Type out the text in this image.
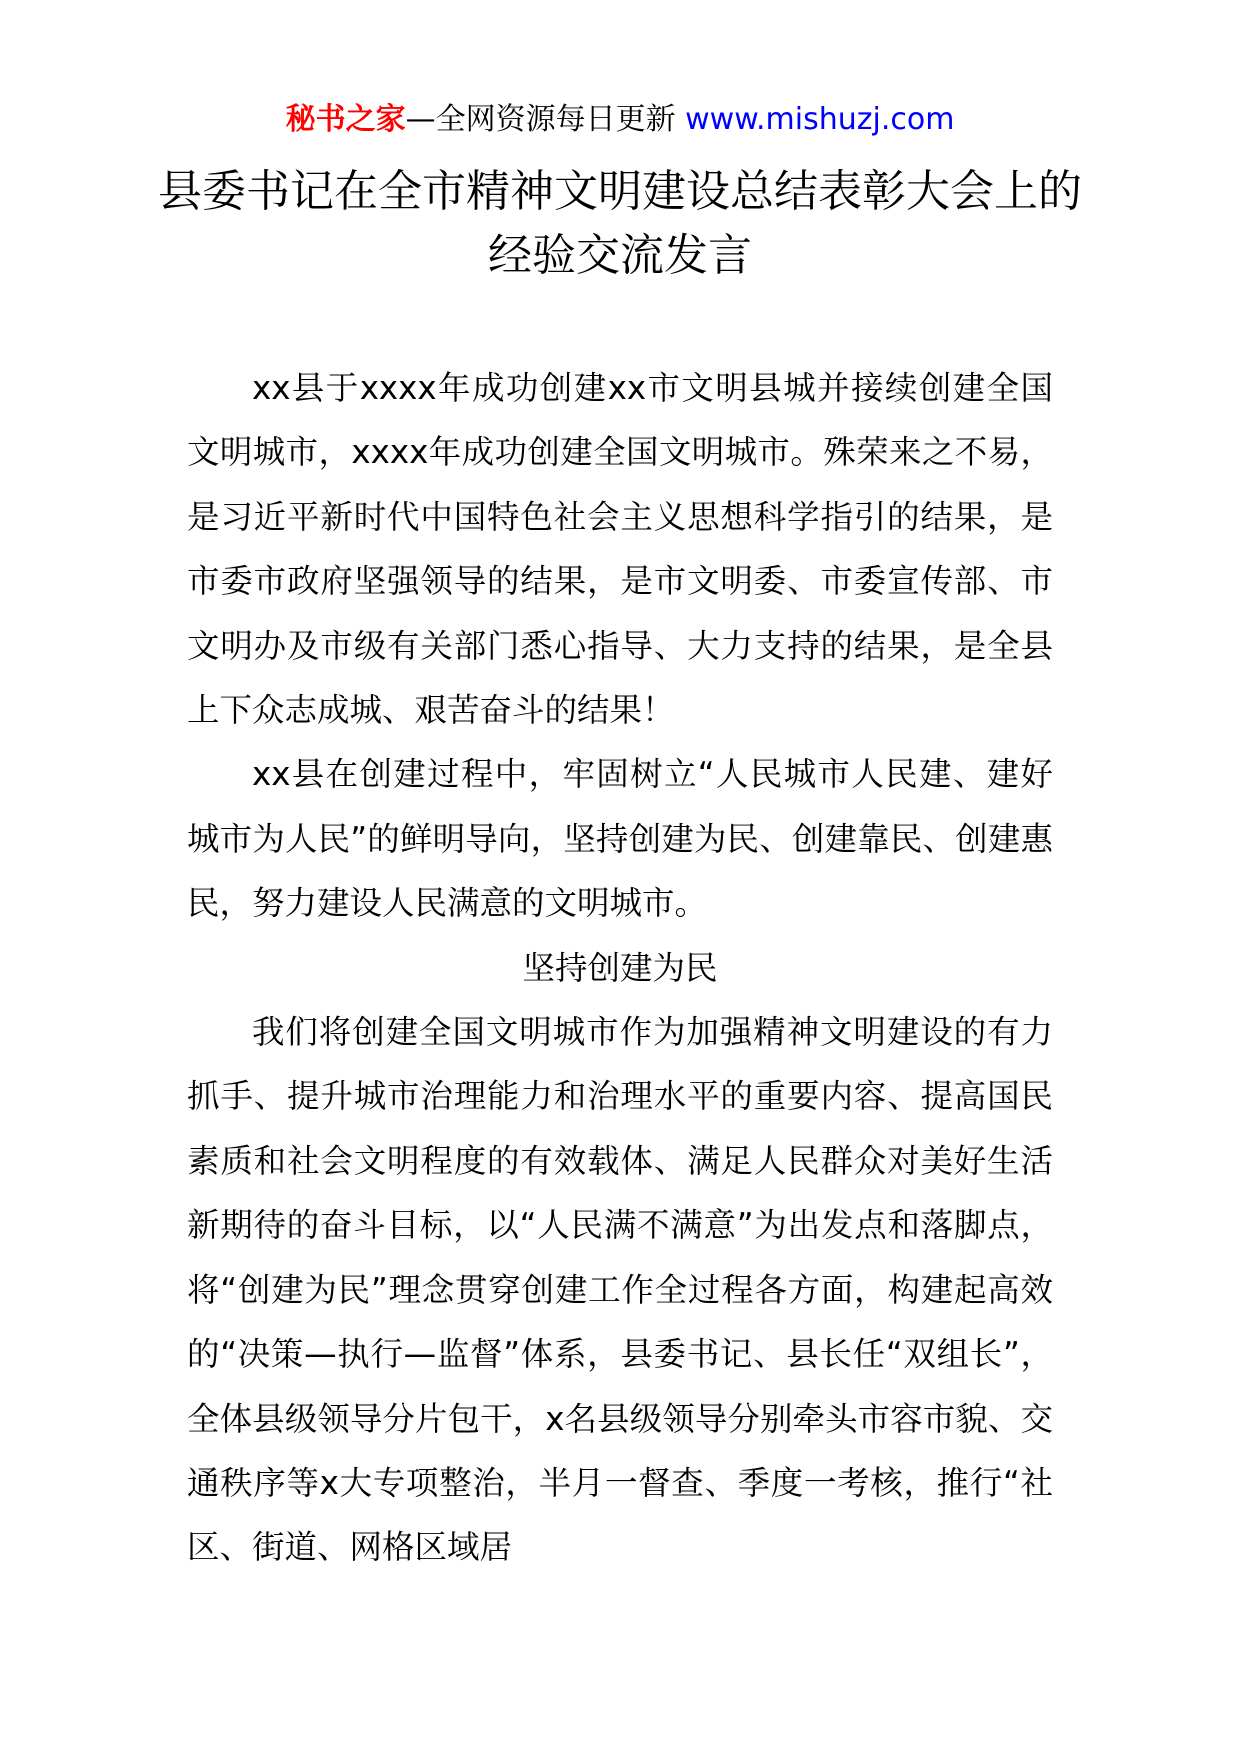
秘书之家—全网资源每日更新 www.mishuzj.com
县委书记在全市精神文明建设总结表彰大会上的经验交流发言

xx县于xxxx年成功创建xx市文明县城并接续创建全国文明城市，xxxx年成功创建全国文明城市。殊荣来之不易，是习近平新时代中国特色社会主义思想科学指引的结果，是市委市政府坚强领导的结果，是市文明委、市委宣传部、市文明办及市级有关部门悉心指导、大力支持的结果，是全县上下众志成城、艰苦奋斗的结果！

xx县在创建过程中，牢固树立“人民城市人民建、建好城市为人民”的鲜明导向，坚持创建为民、创建靠民、创建惠民，努力建设人民满意的文明城市。

坚持创建为民

我们将创建全国文明城市作为加强精神文明建设的有力抓手、提升城市治理能力和治理水平的重要内容、提高国民素质和社会文明程度的有效载体、满足人民群众对美好生活新期待的奋斗目标，以“人民满不满意”为出发点和落脚点，将“创建为民”理念贯穿创建工作全过程各方面，构建起高效的“决策—执行—监督”体系，县委书记、县长任“双组长”，全体县级领导分片包干，x名县级领导分别牵头市容市貌、交通秩序等x大专项整治，半月一督查、季度一考核，推行“社区、街道、网格区域居
